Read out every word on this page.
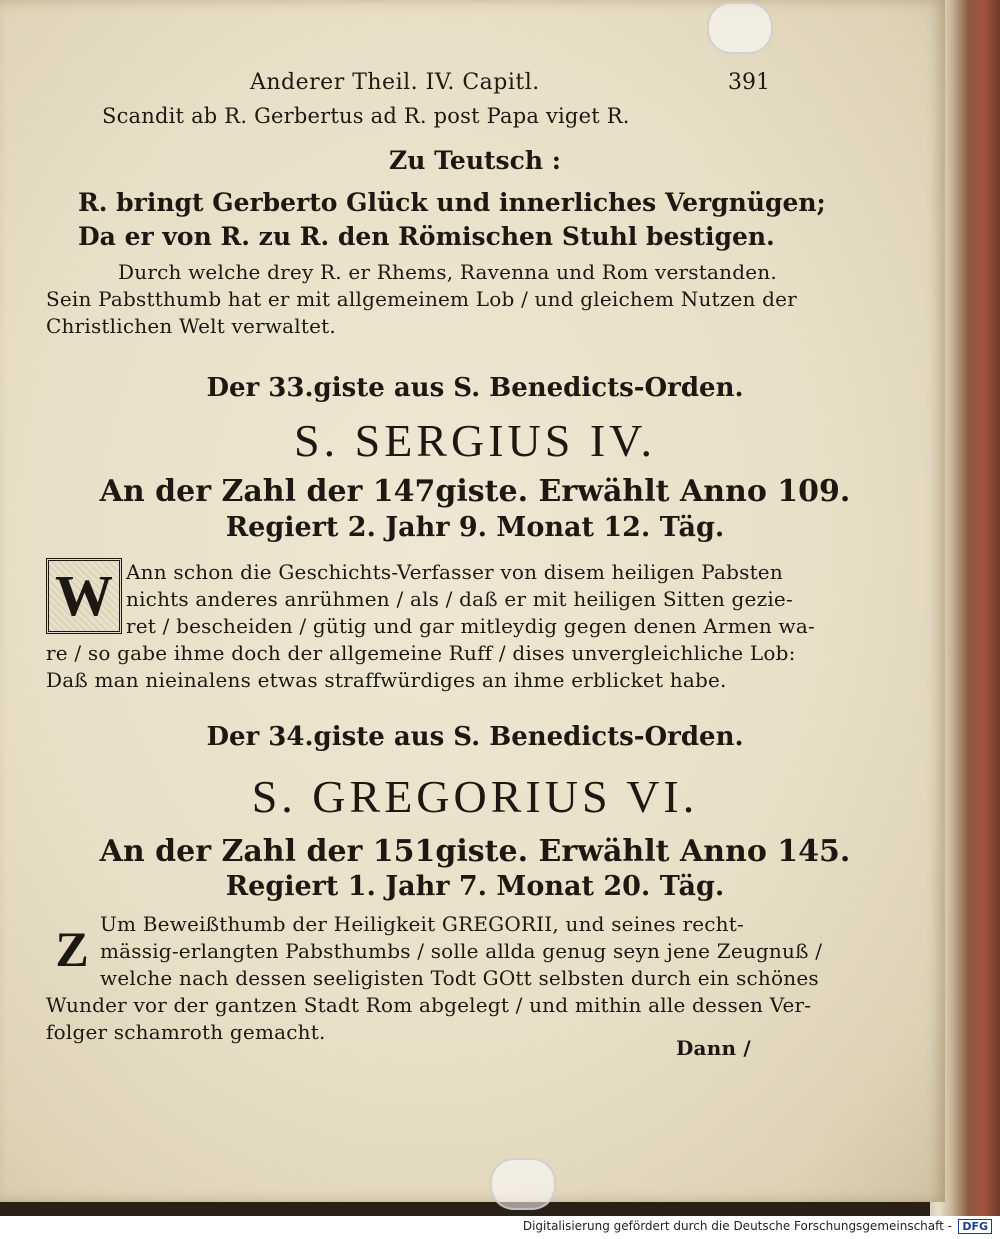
Anderer Theil. IV. Capitl.	391
Scandit ab R. Gerbertus ad R. post Papa viget R.
Zu Teutsch :
R. bringt Gerberto Glück und innerliches Vergnügen;
Da er von R. zu R. den Römischen Stuhl bestigen.
Durch welche drey R. er Rhems, Ravenna und Rom verstanden.
Sein Pabstthumb hat er mit allgemeinem Lob / und gleichem Nutzen der
Christlichen Welt verwaltet.
Der 33.giste aus S. Benedicts-Orden.
S. SERGIUS IV.
An der Zahl der 147giste. Erwählt Anno 109.
Regiert 2. Jahr 9. Monat 12. Täg.
W Ann schon die Geschichts-Verfasser von disem heiligen Pabsten
nichts anderes anrühmen / als / daß er mit heiligen Sitten gezie-
ret / bescheiden / gütig und gar mitleydig gegen denen Armen wa-
re / so gabe ihme doch der allgemeine Ruff / dises unvergleichliche Lob:
Daß man nieinalens etwas straffwürdiges an ihme erblicket habe.
Der 34.giste aus S. Benedicts-Orden.
S. GREGORIUS VI.
An der Zahl der 151giste. Erwählt Anno 145.
Regiert 1. Jahr 7. Monat 20. Täg.
Z Um Beweißthumb der Heiligkeit GREGORII, und seines recht-
mässig-erlangten Pabsthumbs / solle allda genug seyn jene Zeugnuß /
welche nach dessen seeligisten Todt GOtt selbsten durch ein schönes
Wunder vor der gantzen Stadt Rom abgelegt / und mithin alle dessen Ver-
folger schamroth gemacht.
Dann /
Digitalisierung gefördert durch die Deutsche Forschungsgemeinschaft - DFG
